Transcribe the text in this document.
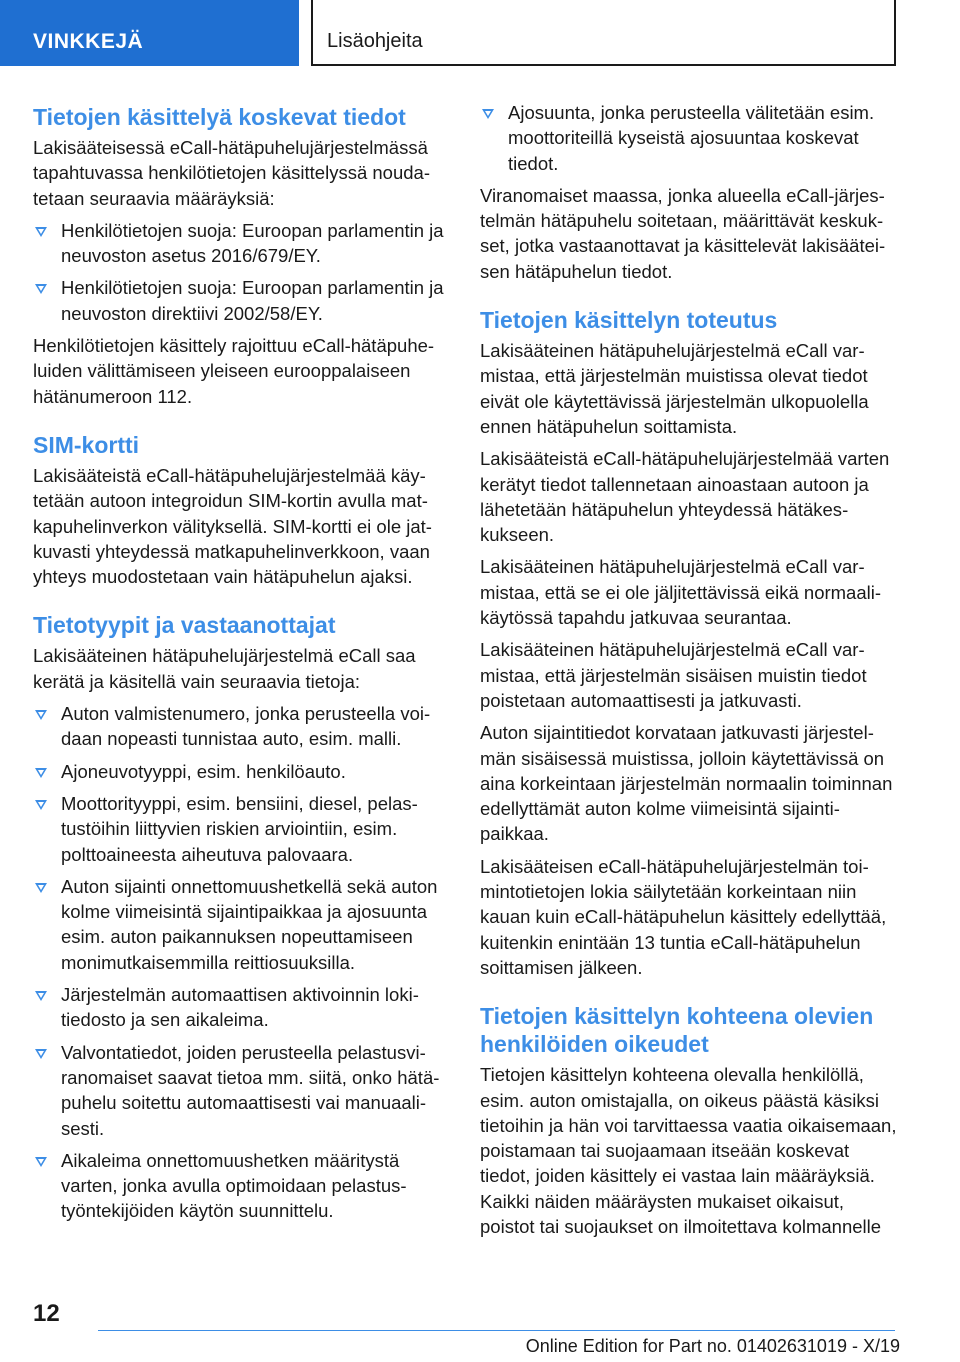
VINKKEJÄ	Lisäohjeita
Tietojen käsittelyä koskevat tiedot

Lakisääteisessä eCall-hätäpuhelujärjestelmässä tapahtuvassa henkilötietojen käsittelyssä noudatetaan seuraavia määräyksiä:

Henkilötietojen suoja: Euroopan parlamentin ja neuvoston asetus 2016/679/EY.
Henkilötietojen suoja: Euroopan parlamentin ja neuvoston direktiivi 2002/58/EY.

Henkilötietojen käsittely rajoittuu eCall-hätäpuheluiden välittämiseen yleiseen eurooppalaiseen hätänumeroon 112.

SIM-kortti

Lakisääteistä eCall-hätäpuhelujärjestelmää käytetään autoon integroidun SIM-kortin avulla matkapuhelinverkon välityksellä. SIM-kortti ei ole jatkuvasti yhteydessä matkapuhelinverkkoon, vaan yhteys muodostetaan vain hätäpuhelun ajaksi.

Tietotyypit ja vastaanottajat

Lakisääteinen hätäpuhelujärjestelmä eCall saa kerätä ja käsitellä vain seuraavia tietoja:

Auton valmistenumero, jonka perusteella voidaan nopeasti tunnistaa auto, esim. malli.
Ajoneuvotyyppi, esim. henkilöauto.
Moottorityyppi, esim. bensiini, diesel, pelastustöihin liittyvien riskien arviointiin, esim. polttoaineesta aiheutuva palovaara.
Auton sijainti onnettomuushetkellä sekä auton kolme viimeisintä sijaintipaikkaa ja ajosuunta esim. auton paikannuksen nopeuttamiseen monimutkaisemmilla reittiosuuksilla.
Järjestelmän automaattisen aktivoinnin lokitiedosto ja sen aikaleima.
Valvontatiedot, joiden perusteella pelastusviranomaiset saavat tietoa mm. siitä, onko hätäpuhelu soitettu automaattisesti vai manuaalisesti.
Aikaleima onnettomuushetken määritystä varten, jonka avulla optimoidaan pelastustyöntekijöiden käytön suunnittelu.
Ajosuunta, jonka perusteella välitetään esim. moottoriteillä kyseistä ajosuuntaa koskevat tiedot.

Viranomaiset maassa, jonka alueella eCall-järjestelmän hätäpuhelu soitetaan, määrittävät keskukset, jotka vastaanottavat ja käsittelevät lakisääteisen hätäpuhelun tiedot.

Tietojen käsittelyn toteutus

Lakisääteinen hätäpuhelujärjestelmä eCall varmistaa, että järjestelmän muistissa olevat tiedot eivät ole käytettävissä järjestelmän ulkopuolella ennen hätäpuhelun soittamista.

Lakisääteistä eCall-hätäpuhelujärjestelmää varten kerätyt tiedot tallennetaan ainoastaan autoon ja lähetetään hätäpuhelun yhteydessä hätäkeskukseen.

Lakisääteinen hätäpuhelujärjestelmä eCall varmistaa, että se ei ole jäljitettävissä eikä normaalikäytössä tapahdu jatkuvaa seurantaa.

Lakisääteinen hätäpuhelujärjestelmä eCall varmistaa, että järjestelmän sisäisen muistin tiedot poistetaan automaattisesti ja jatkuvasti.

Auton sijaintitiedot korvataan jatkuvasti järjestelmän sisäisessä muistissa, jolloin käytettävissä on aina korkeintaan järjestelmän normaalin toiminnan edellyttämät auton kolme viimeisintä sijaintipaikkaa.

Lakisääteisen eCall-hätäpuhelujärjestelmän toimintotietojen lokia säilytetään korkeintaan niin kauan kuin eCall-hätäpuhelun käsittely edellyttää, kuitenkin enintään 13 tuntia eCall-hätäpuhelun soittamisen jälkeen.

Tietojen käsittelyn kohteena olevien henkilöiden oikeudet

Tietojen käsittelyn kohteena olevalla henkilöllä, esim. auton omistajalla, on oikeus päästä käsiksi tietoihin ja hän voi tarvittaessa vaatia oikaisemaan, poistamaan tai suojaamaan itseään koskevat tiedot, joiden käsittely ei vastaa lain määräyksiä. Kaikki näiden määräysten mukaiset oikaisut, poistot tai suojaukset on ilmoitettava kolmannelle

12
Online Edition for Part no. 01402631019 - X/19
